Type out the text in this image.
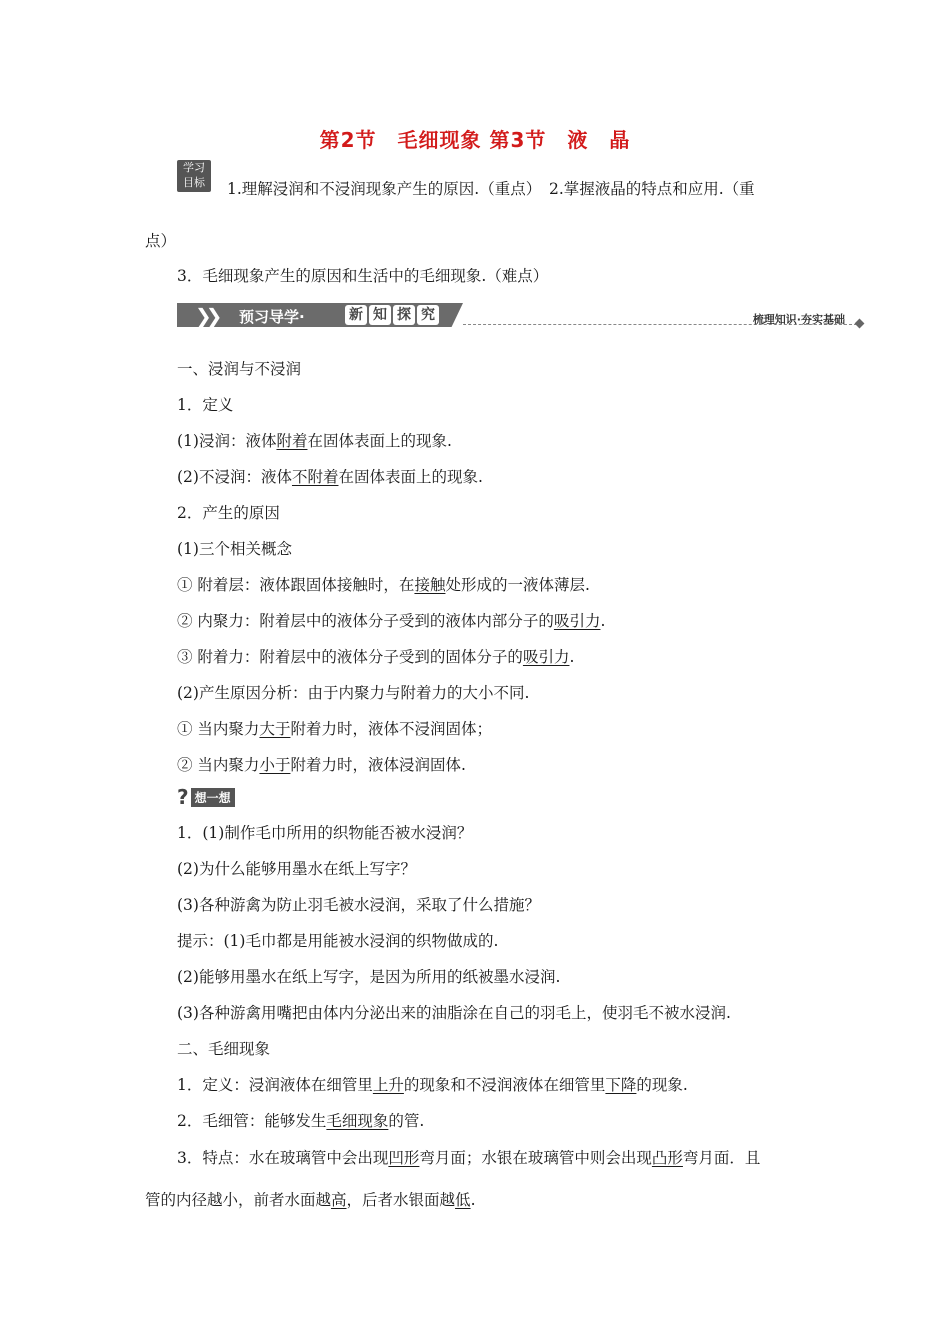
第2节　毛细现象 第3节　液　晶
学习
目标	1.理解浸润和不浸润现象产生的原因.（重点）　2.掌握液晶的特点和应用.（重
点）
3．毛细现象产生的原因和生活中的毛细现象.（难点）
❯❯ 预习导学·	新 知 探 究	梳理知识·夯实基础
一、浸润与不浸润
1．定义
(1)浸润：液体附着在固体表面上的现象.
(2)不浸润：液体不附着在固体表面上的现象.
2．产生的原因
(1)三个相关概念
① 附着层：液体跟固体接触时，在接触处形成的一液体薄层.
② 内聚力：附着层中的液体分子受到的液体内部分子的吸引力.
③ 附着力：附着层中的液体分子受到的固体分子的吸引力.
(2)产生原因分析：由于内聚力与附着力的大小不同.
① 当内聚力大于附着力时，液体不浸润固体；
② 当内聚力小于附着力时，液体浸润固体.
? 想一想
1．(1)制作毛巾所用的织物能否被水浸润？
(2)为什么能够用墨水在纸上写字？
(3)各种游禽为防止羽毛被水浸润，采取了什么措施？
提示：(1)毛巾都是用能被水浸润的织物做成的.
(2)能够用墨水在纸上写字，是因为所用的纸被墨水浸润.
(3)各种游禽用嘴把由体内分泌出来的油脂涂在自己的羽毛上，使羽毛不被水浸润.
二、毛细现象
1．定义：浸润液体在细管里上升的现象和不浸润液体在细管里下降的现象.
2．毛细管：能够发生毛细现象的管.
3．特点：水在玻璃管中会出现凹形弯月面；水银在玻璃管中则会出现凸形弯月面．且
管的内径越小，前者水面越高，后者水银面越低.
